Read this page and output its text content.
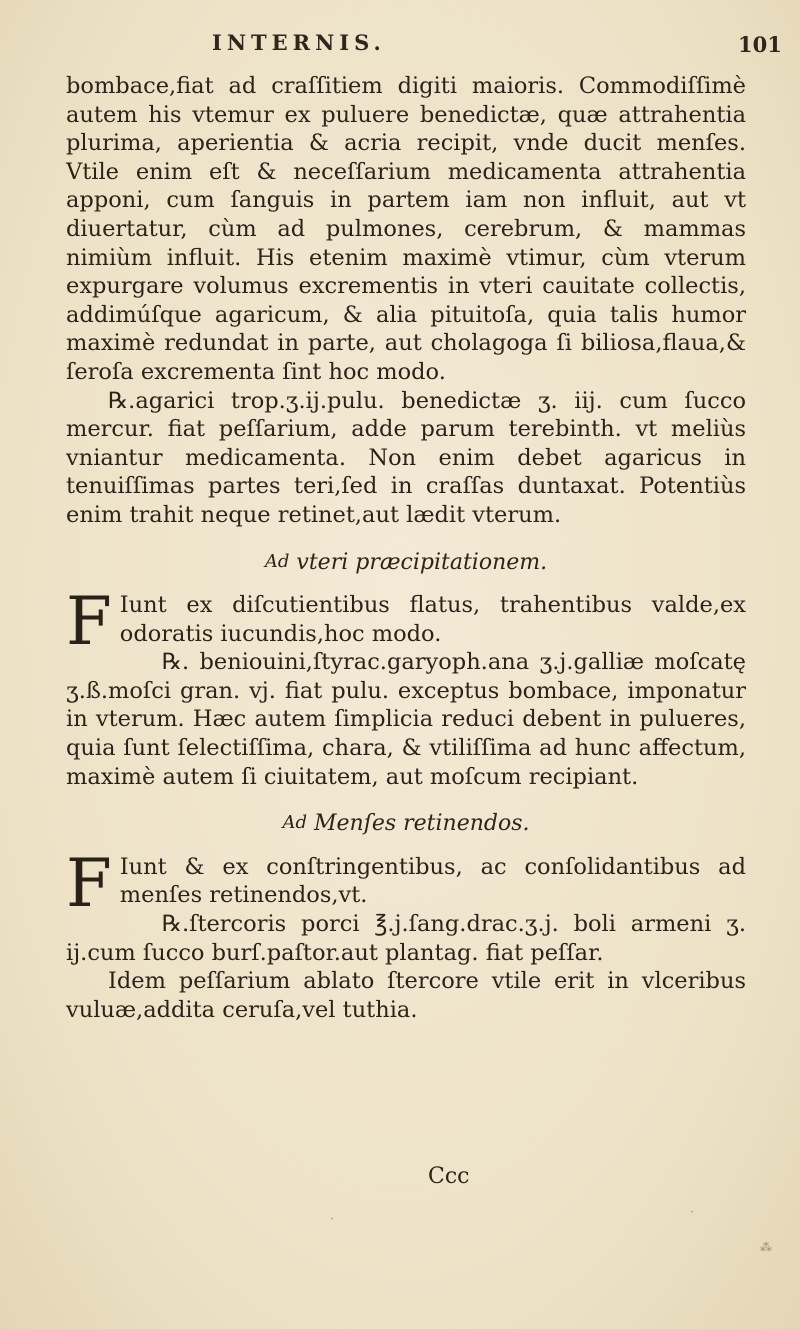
INTERNIS.	101

bombace,fiat ad craſſitiem digiti maioris. Commodiſſimè autem his vtemur ex puluere benedictæ, quæ attrahentia plurima, aperientia & acria recipit, vnde ducit menſes. Vtile enim eſt & neceſſarium medicamenta attrahentia apponi, cum ſanguis in partem iam non influit, aut vt diuertatur, cùm ad pulmones, cerebrum, & mammas nimiùm influit. His etenim maximè vtimur, cùm vterum expurgare volumus excrementis in vteri cauitate collectis, addimúſque agaricum, & alia pituitoſa, quia talis humor maximè redundat in parte, aut cholagoga ſi biliosa,flaua,& ſeroſa excrementa ſint hoc modo.

℞.agarici trop.ʒ.ij.pulu. benedictæ ʒ. iij. cum ſucco mercur. fiat peſſarium, adde parum terebinth. vt meliùs vniantur medicamenta. Non enim debet agaricus in tenuiſſimas partes teri,ſed in craſſas duntaxat. Potentiùs enim trahit neque retinet,aut lædit vterum.

Ad vteri præcipitationem.

F Iunt ex diſcutientibus flatus, trahentibus valde,ex odoratis iucundis,hoc modo.

℞. beniouini,ſtyrac.garyoph.ana ʒ.j.galliæ moſcatę ʒ.ß.moſci gran. vj. fiat pulu. exceptus bombace, imponatur in vterum. Hæc autem ſimplicia reduci debent in pulueres, quia ſunt ſelectiſſima, chara, & vtiliſſima ad hunc affectum, maximè autem ſi ciuitatem, aut moſcum recipiant.

Ad Menſes retinendos.

F Iunt & ex conſtringentibus, ac conſolidantibus ad menſes retinendos,vt.

℞.ſtercoris porci ℥.j.ſang.drac.ʒ.j. boli armeni ʒ. ij.cum ſucco burſ.paſtor.aut plantag. fiat peſſar.

Idem peſſarium ablato ſtercore vtile erit in vlceribus vuluæ,addita ceruſa,vel tuthia.

Ccc
·
⁂
·
